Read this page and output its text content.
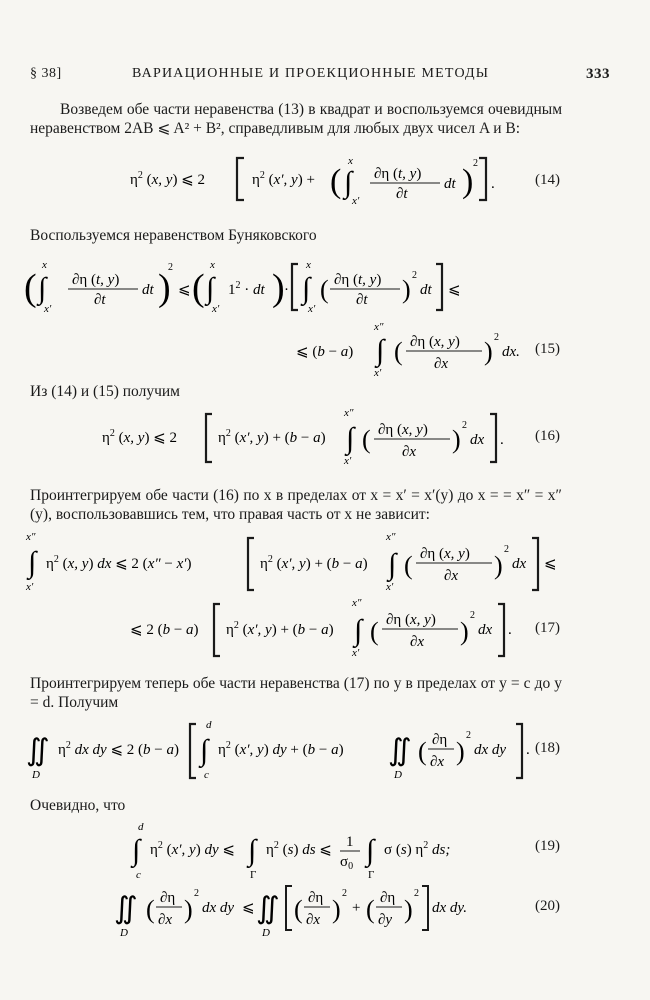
§ 38]	ВАРИАЦИОННЫЕ И ПРОЕКЦИОННЫЕ МЕТОДЫ	333
Возведем обе части неравенства (13) в квадрат и воспользуемся очевидным неравенством 2AB ⩽ A² + B², справедливым для любых двух чисел A и B:
$\eta^2$ (x, y) ⩽ 2	$\eta^2$ (x′, y) + ( ∫
x
x′
∂η (t, y)
∂t
dt ) 2
.	(14)
Воспользуемся неравенством Буняковского
( ∫
x
x′
∂η (t, y)
∂t
dt )
2
⩽ ( ∫
x
x′
$1^2$ · dt ) · ∫
x
x′
( ∂η (t, y)
∂t ) 2
dt ⩽
⩽ (b − a) ∫
x″
x′
( ∂η (x, y)
∂x ) 2
dx. (15)
Из (14) и (15) получим
$\eta^2$ (x, y) ⩽ 2	$\eta^2$ (x′, y) + (b − a) ∫
x″
x′
( ∂η (x, y)
∂x ) 2
dx . (16)
Проинтегрируем обе части (16) по x в пределах от x = x′ = x′(y) до x = = x″ = x″(y), воспользовавшись тем, что правая часть от x не зависит:
∫
x″
x′
$\eta^2$ (x, y) dx ⩽ 2 (x″ − x′)	$\eta^2$ (x′, y) + (b − a) ∫
x″
x′
( ∂η (x, y)
∂x )
2
dx ⩽
⩽ 2 (b − a) $\eta^2$ (x′, y) + (b − a) ∫
x″
x′
( ∂η (x, y)
∂x )
2
dx . (17)
Проинтегрируем теперь обе части неравенства (17) по y в пределах от y = c до y = d. Получим
∬
D
$\eta^2$ dx dy ⩽ 2 (b − a) ∫
d
c
$\eta^2$ (x′, y) dy + (b − a) ∬
D
( ∂η
∂x )
2
dx dy . (18)
Очевидно, что
∫
d
c
$\eta^2$ (x′, y) dy ⩽ ∫
Γ
$\eta^2$ (s) ds ⩽ 1
$\sigma_0$ ∫
Γ
σ (s) $\eta^2$ ds;	(19)
∬
D
( ∂η
∂x )
2
dx dy ⩽ ∬
D
( ∂η
∂x )
2
+ ( ∂η
∂y )
2
dx dy.	(20)
